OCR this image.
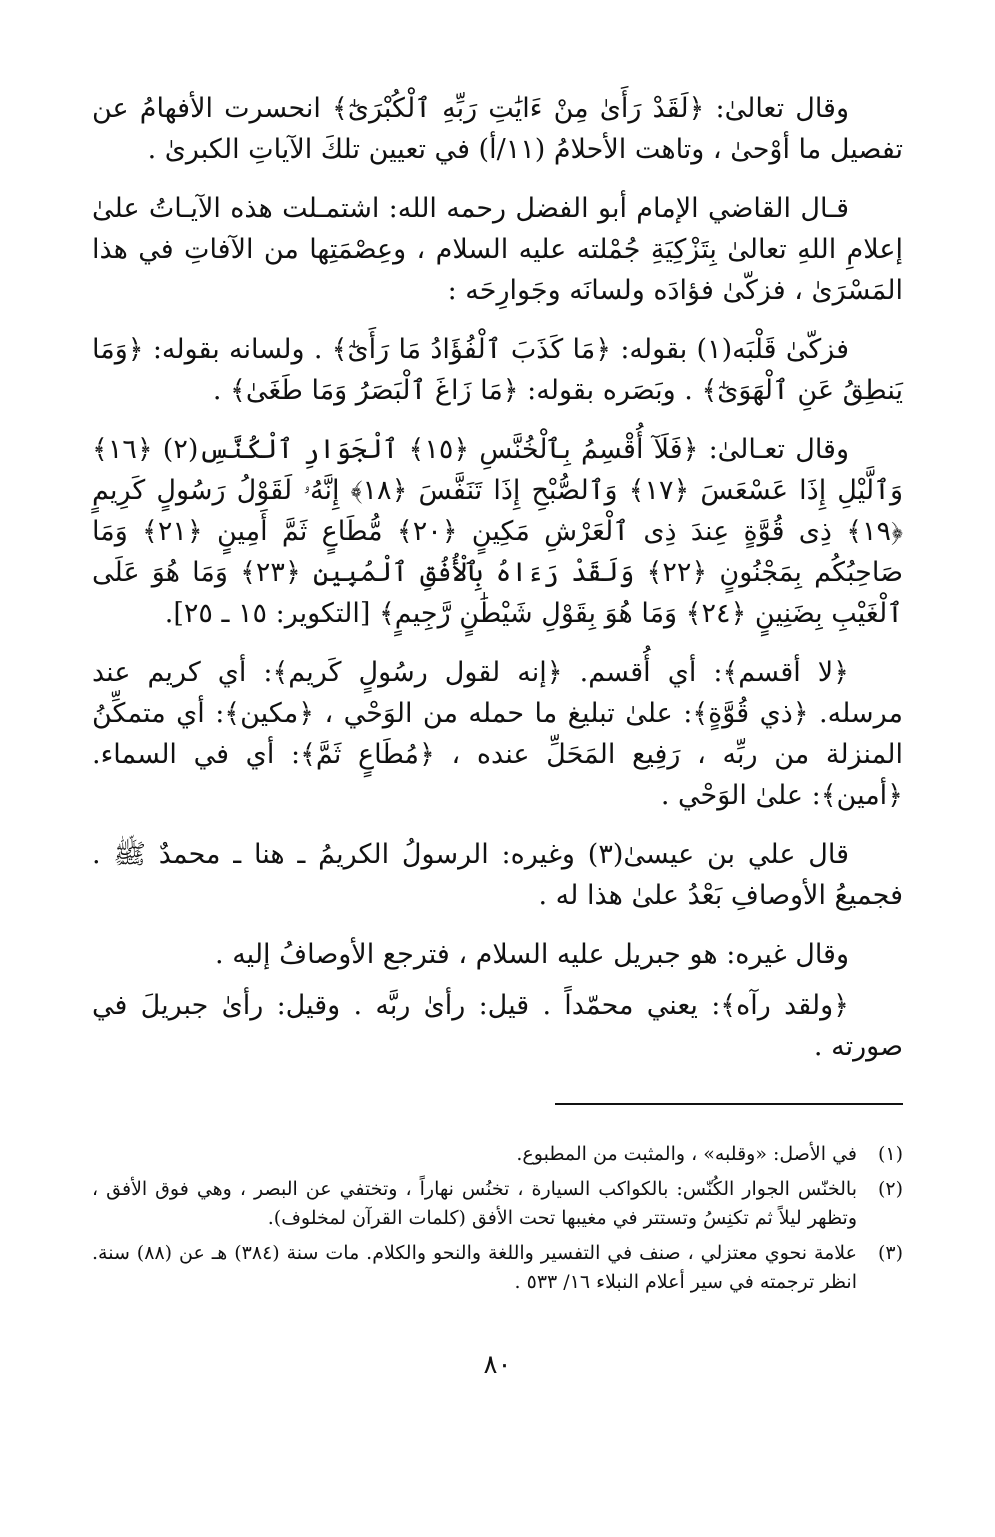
وقال تعالىٰ: ﴿لَقَدْ رَأَىٰ مِنْ ءَايَٰتِ رَبِّهِ ٱلْكُبْرَىٰٓ﴾ انحسرت الأفهامُ عن تفصيل ما أوْحىٰ ، وتاهت الأحلامُ (١١/أ) في تعيين تلكَ الآياتِ الكبرىٰ .

قـال القاضي الإمام أبو الفضل رحمه الله: اشتمـلت هذه الآيـاتُ علىٰ إعلامِ اللهِ تعالىٰ بِتَزْكِيَةِ جُمْلته عليه السلام ، وعِصْمَتِها من الآفاتِ في هذا المَسْرَىٰ ، فزكّىٰ فؤادَه ولسانَه وجَوارِحَه :

فزكّىٰ قَلْبَه(١) بقوله: ﴿مَا كَذَبَ ٱلْفُؤَادُ مَا رَأَىٰٓ﴾ . ولسانه بقوله: ﴿وَمَا يَنطِقُ عَنِ ٱلْهَوَىٰٓ﴾ . وبَصَره بقوله: ﴿مَا زَاغَ ٱلْبَصَرُ وَمَا طَغَىٰ﴾ .

وقال تعـالىٰ: ﴿فَلَآ أُقْسِمُ بِٱلْخُنَّسِ ﴿١٥﴾ ٱلْجَوَارِ ٱلْكُنَّسِ(٢) ﴿١٦﴾ وَٱلَّيْلِ إِذَا عَسْعَسَ ﴿١٧﴾ وَٱلصُّبْحِ إِذَا تَنَفَّسَ ﴿١٨﴾ إِنَّهُۥ لَقَوْلُ رَسُولٍ كَرِيمٍ ﴿١٩﴾ ذِى قُوَّةٍ عِندَ ذِى ٱلْعَرْشِ مَكِينٍ ﴿٢٠﴾ مُّطَاعٍ ثَمَّ أَمِينٍ ﴿٢١﴾ وَمَا صَاحِبُكُم بِمَجْنُونٍ ﴿٢٢﴾ وَلَقَدْ رَءَاهُ بِٱلْأُفُقِ ٱلْمُبِينِ ﴿٢٣﴾ وَمَا هُوَ عَلَى ٱلْغَيْبِ بِضَنِينٍ ﴿٢٤﴾ وَمَا هُوَ بِقَوْلِ شَيْطَٰنٍ رَّجِيمٍ﴾ [التكوير: ١٥ ـ ٢٥].

﴿لا أقسم﴾: أي أُقسم. ﴿إنه لقول رسُولٍ كَريم﴾: أي كريم عند مرسله. ﴿ذي قُوَّةٍ﴾: علىٰ تبليغ ما حمله من الوَحْي ، ﴿مكين﴾: أي متمكِّنُ المنزلة من ربِّه ، رَفِيع المَحَلِّ عنده ، ﴿مُطَاعٍ ثَمَّ﴾: أي في السماء. ﴿أمين﴾: علىٰ الوَحْي .

قال علي بن عيسىٰ(٣) وغيره: الرسولُ الكريمُ ـ هنا ـ محمدٌ ﷺ . فجميعُ الأوصافِ بَعْدُ علىٰ هذا له .

وقال غيره: هو جبريل عليه السلام ، فترجع الأوصافُ إليه .

﴿ولقد رآه﴾: يعني محمّداً . قيل: رأىٰ ربَّه . وقيل: رأىٰ جبريلَ في صورته .

(١)
في الأصل: «وقلبه» ، والمثبت من المطبوع.
(٢)
بالخنّس الجوار الكُنّس: بالكواكب السيارة ، تخنُس نهاراً ، وتختفي عن البصر ، وهي فوق الأفق ، وتظهر ليلاً ثم تكنِسُ وتستتر في مغيبها تحت الأفق (كلمات القرآن لمخلوف).
(٣)
علامة نحوي معتزلي ، صنف في التفسير واللغة والنحو والكلام. مات سنة (٣٨٤) هـ عن (٨٨) سنة. انظر ترجمته في سير أعلام النبلاء ١٦/ ٥٣٣ .
٨٠
